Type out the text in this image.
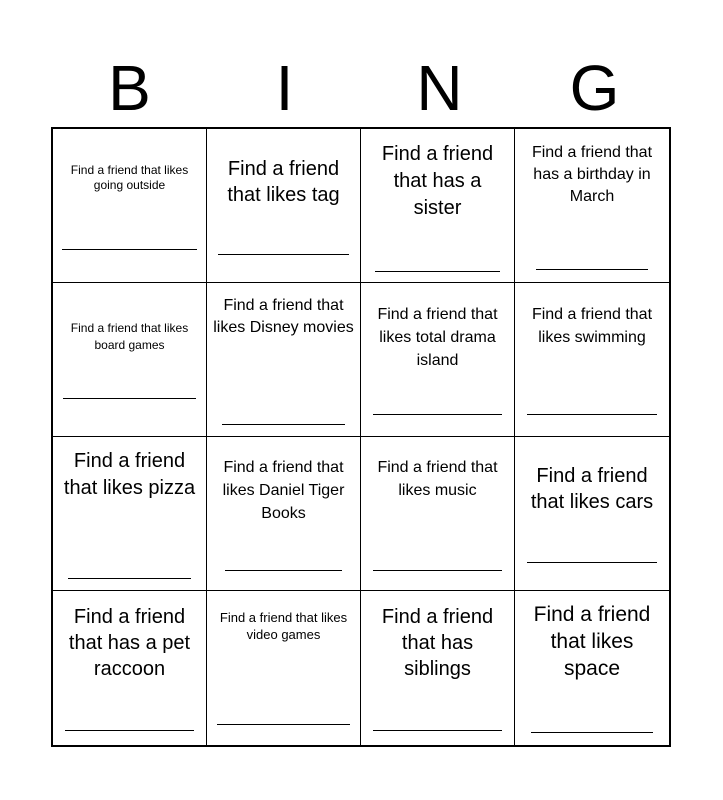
B	I	N	G
Find a friend that likes going outside
Find a friend that likes tag
Find a friend that has a sister
Find a friend that has a birthday in March
Find a friend that likes board games
Find a friend that likes Disney movies
Find a friend that likes total drama island
Find a friend that likes swimming
Find a friend that likes pizza
Find a friend that likes Daniel Tiger Books
Find a friend that likes music
Find a friend that likes cars
Find a friend that has a pet raccoon
Find a friend that likes video games
Find a friend that has siblings
Find a friend that likes space
